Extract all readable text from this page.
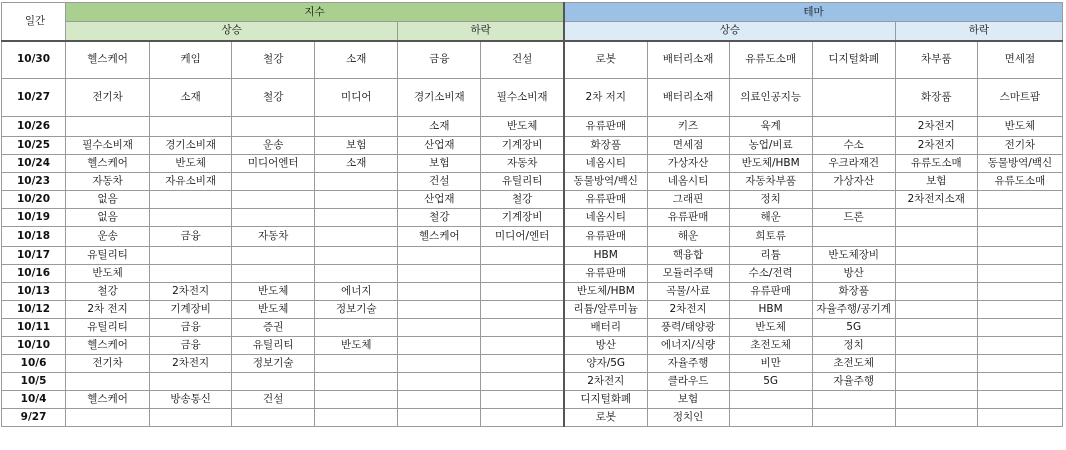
일간	지수						테마					
	상승				하락		상승				하락	
10/30	헬스케어	케임	철강	소재	금융	건설	로봇	배터리소재	유류도소매	디지털화폐	차부품	면세점
10/27	전기차	소재	철강	미디어	경기소비재	필수소비재	2차 저지	배터리소재	의료인공지능		화장품	스마트팜
10/26					소재	반도체	유류판매	키즈	육계		2차전지	반도체
10/25	필수소비재	경기소비재	운송	보험	산업재	기계장비	화장품	면세점	농업/비료	수소	2차전지	전기차
10/24	헬스케어	반도체	미디어엔터	소재	보험	자동차	네옴시티	가상자산	반도체/HBM	우크라재건	유류도소매	동물방역/백신
10/23	자동차	자유소비재			건설	유틸리티	동물방역/백신	네옴시티	자동차부품	가상자산	보험	유류도소매
10/20	없음				산업재	철강	유류판매	그래핀	정치		2차전지소재	
10/19	없음				철강	기계장비	네옴시티	유류판매	해운	드론		
10/18	운송	금융	자동차		헬스케어	미디어/엔터	유류판매	해운	희토류			
10/17	유틸리티						HBM	핵융합	리튬	반도체장비		
10/16	반도체						유류판매	모듈러주택	수소/전력	방산		
10/13	철강	2차전지	반도체	에너지			반도체/HBM	곡물/사료	유류판매	화장품		
10/12	2차 전지	기계장비	반도체	정보기술			리튬/알루미늄	2차전지	HBM	자율주행/공기계		
10/11	유틸리티	금융	증권				배터리	풍력/태양광	반도체	5G		
10/10	헬스케어	금융	유틸리티	반도체			방산	에너지/식량	초전도체	정치		
10/6	전기차	2차전지	정보기술				양자/5G	자율주행	비만	초전도체		
10/5							2차전지	클라우드	5G	자율주행		
10/4	헬스케어	방송통신	건설				디지털화폐	보험				
9/27							로봇	정치인				
